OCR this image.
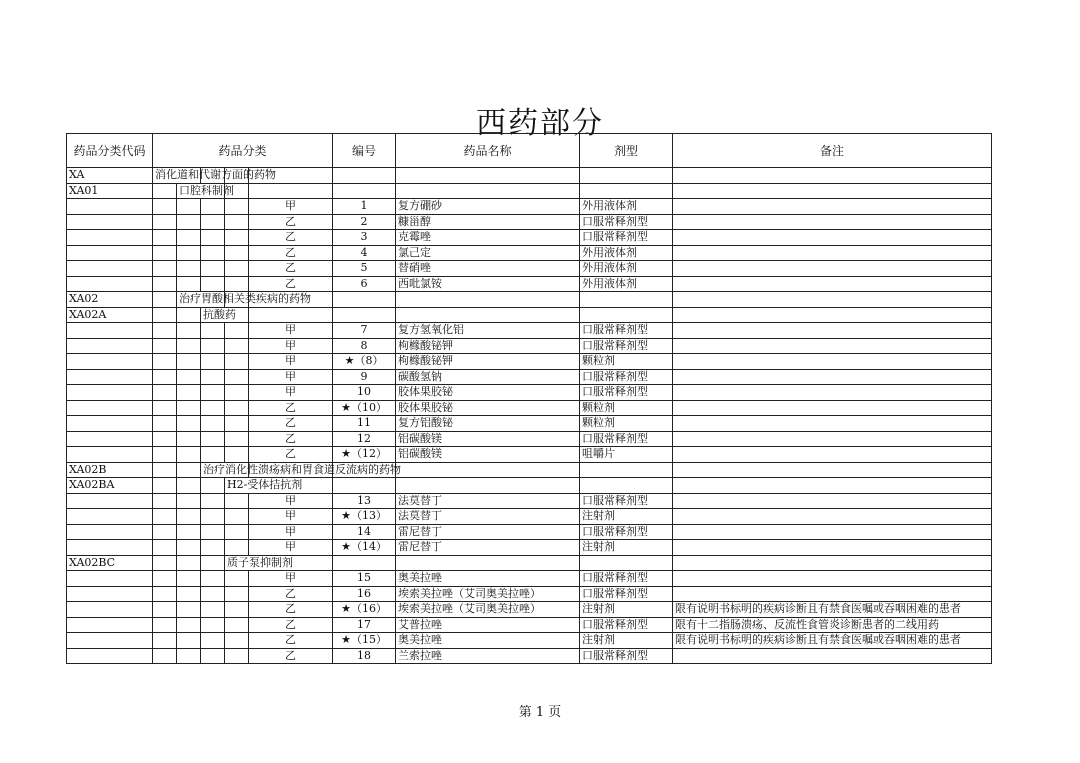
西药部分
药品分类代码	药品分类					编号	药品名称	剂型	备注
XA	消化道和代谢方面的药物								
XA01		口腔科制剂							
					甲	1	复方硼砂	外用液体剂	
					乙	2	糠甾醇	口服常释剂型	
					乙	3	克霉唑	口服常释剂型	
					乙	4	氯己定	外用液体剂	
					乙	5	替硝唑	外用液体剂	
					乙	6	西吡氯铵	外用液体剂	
XA02		治疗胃酸相关类疾病的药物							
XA02A			抗酸药						
					甲	7	复方氢氧化铝	口服常释剂型	
					甲	8	枸橼酸铋钾	口服常释剂型	
					甲	★（8）	枸橼酸铋钾	颗粒剂	
					甲	9	碳酸氢钠	口服常释剂型	
					甲	10	胶体果胶铋	口服常释剂型	
					乙	★（10）	胶体果胶铋	颗粒剂	
					乙	11	复方铝酸铋	颗粒剂	
					乙	12	铝碳酸镁	口服常释剂型	
					乙	★（12）	铝碳酸镁	咀嚼片	
XA02B			治疗消化性溃疡病和胃食道反流病的药物						
XA02BA				H2-受体拮抗剂					
					甲	13	法莫替丁	口服常释剂型	
					甲	★（13）	法莫替丁	注射剂	
					甲	14	雷尼替丁	口服常释剂型	
					甲	★（14）	雷尼替丁	注射剂	
XA02BC				质子泵抑制剂					
					甲	15	奥美拉唑	口服常释剂型	
					乙	16	埃索美拉唑（艾司奥美拉唑）	口服常释剂型	
					乙	★（16）	埃索美拉唑（艾司奥美拉唑）	注射剂	限有说明书标明的疾病诊断且有禁食医嘱或吞咽困难的患者
					乙	17	艾普拉唑	口服常释剂型	限有十二指肠溃疡、反流性食管炎诊断患者的二线用药
					乙	★（15）	奥美拉唑	注射剂	限有说明书标明的疾病诊断且有禁食医嘱或吞咽困难的患者
					乙	18	兰索拉唑	口服常释剂型	
第 1 页
